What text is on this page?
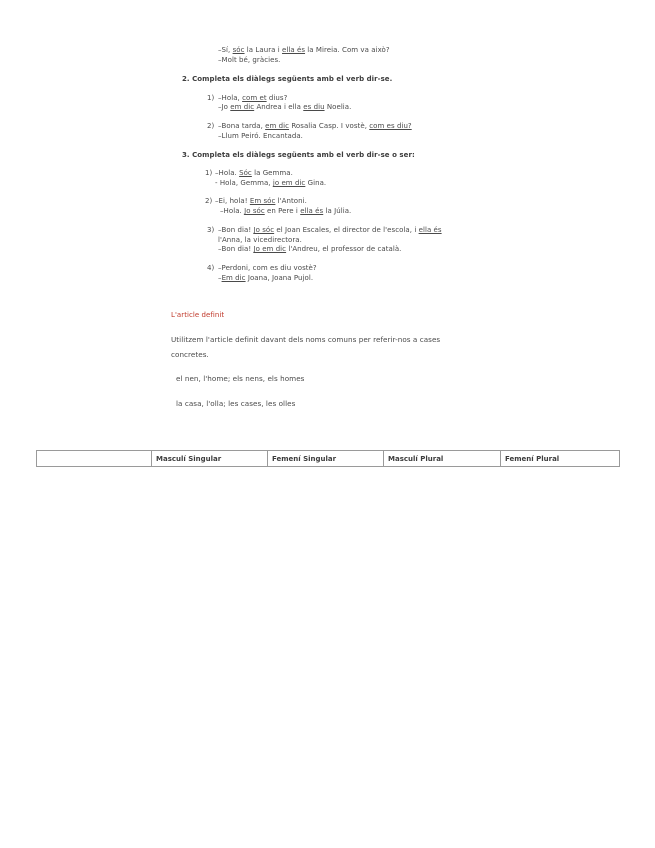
–Sí, sóc la Laura i ella és la Mireia. Com va això?
–Molt bé, gràcies.
2. Completa els diàlegs següents amb el verb dir-se.
1) –Hola, com et dius?
–Jo em dic Andrea i ella es diu Noelia.
2) –Bona tarda, em dic Rosalia Casp. I vostè, com es diu?
–Llum Peiró. Encantada.
3. Completa els diàlegs següents amb el verb dir-se o ser:
1) –Hola. Sóc la Gemma.
- Hola, Gemma, jo em dic Gina.
2) –Ei, hola! Em sóc l'Antoni.
–Hola. Jo sóc en Pere i ella és la Júlia.
3) –Bon dia! Jo sóc el Joan Escales, el director de l'escola, i ella és
l'Anna, la vicedirectora.
–Bon dia! Jo em dic l'Andreu, el professor de català.
4) –Perdoni, com es diu vostè?
–Em dic Joana, Joana Pujol.
L'article definit
Utilitzem l'article definit davant dels noms comuns per referir-nos a cases
concretes.
el nen, l'home; els nens, els homes
la casa, l'olla; les cases, les olles
	Masculí Singular	Femení Singular	Masculí Plural	Femení Plural
